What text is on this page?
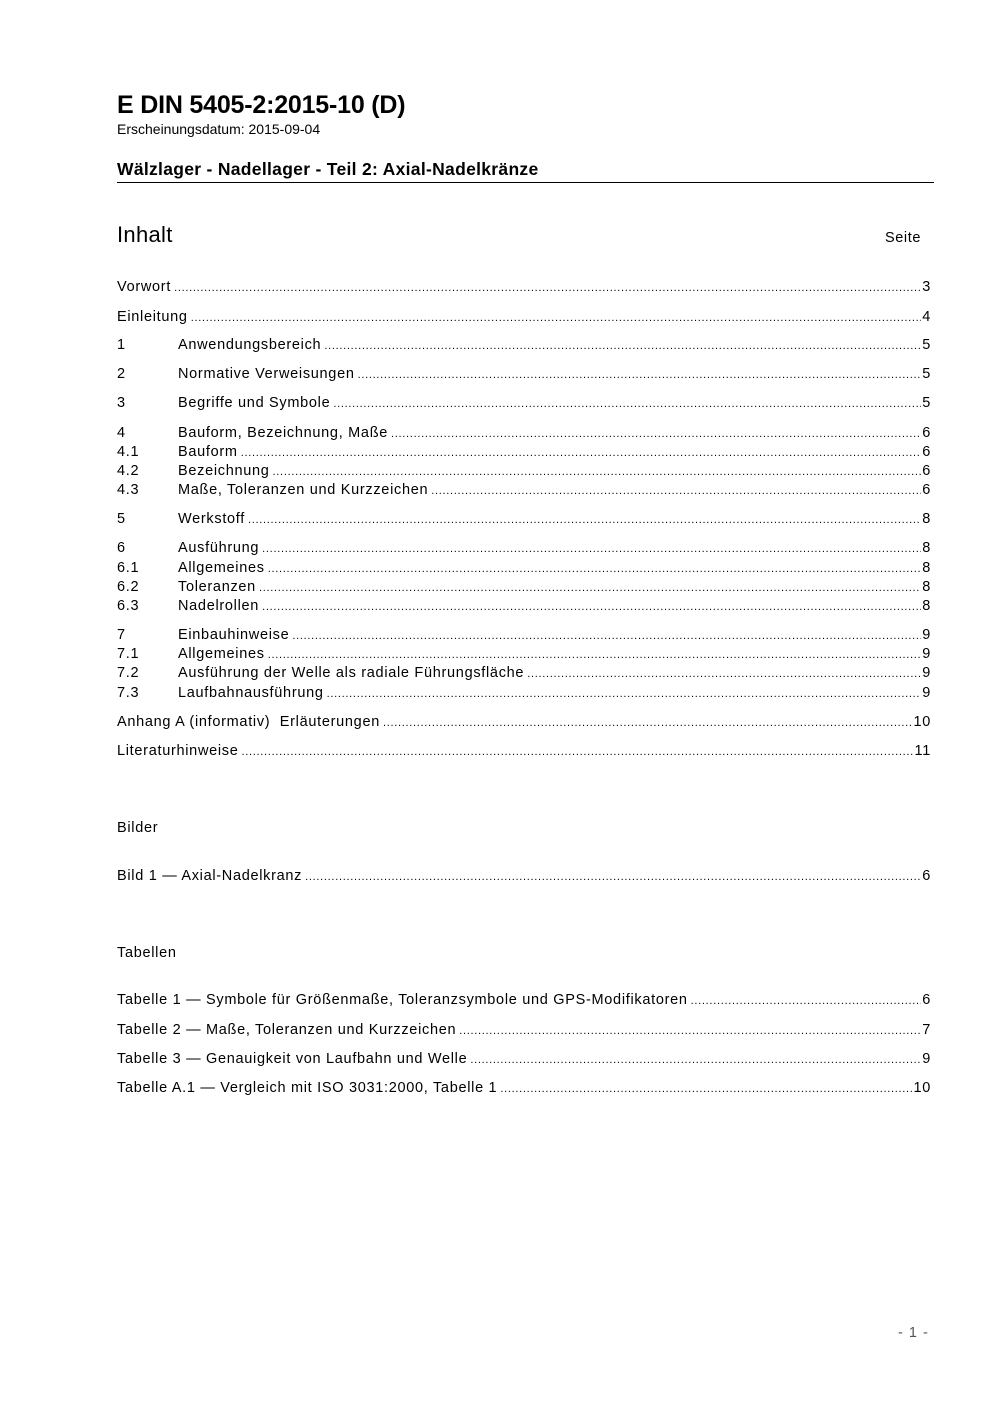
E DIN 5405-2:2015-10 (D)
Erscheinungsdatum: 2015-09-04
Wälzlager - Nadellager - Teil 2: Axial-Nadelkränze
Inhalt	Seite
Vorwort .....	3
Einleitung .....	4
1	Anwendungsbereich .....	5
2	Normative Verweisungen .....	5
3	Begriffe und Symbole .....	5
4	Bauform, Bezeichnung, Maße .....	6
4.1	Bauform .....	6
4.2	Bezeichnung .....	6
4.3	Maße, Toleranzen und Kurzzeichen .....	6
5	Werkstoff .....	8
6	Ausführung .....	8
6.1	Allgemeines .....	8
6.2	Toleranzen .....	8
6.3	Nadelrollen .....	8
7	Einbauhinweise .....	9
7.1	Allgemeines .....	9
7.2	Ausführung der Welle als radiale Führungsfläche .....	9
7.3	Laufbahnausführung .....	9
Anhang A (informativ)  Erläuterungen .....	10
Literaturhinweise .....	11
Bilder
Bild 1 — Axial-Nadelkranz .....	6
Tabellen
Tabelle 1 — Symbole für Größenmaße, Toleranzsymbole und GPS-Modifikatoren .....	6
Tabelle 2 — Maße, Toleranzen und Kurzzeichen .....	7
Tabelle 3 — Genauigkeit von Laufbahn und Welle .....	9
Tabelle A.1 — Vergleich mit ISO 3031:2000, Tabelle 1 .....	10
- 1 -
